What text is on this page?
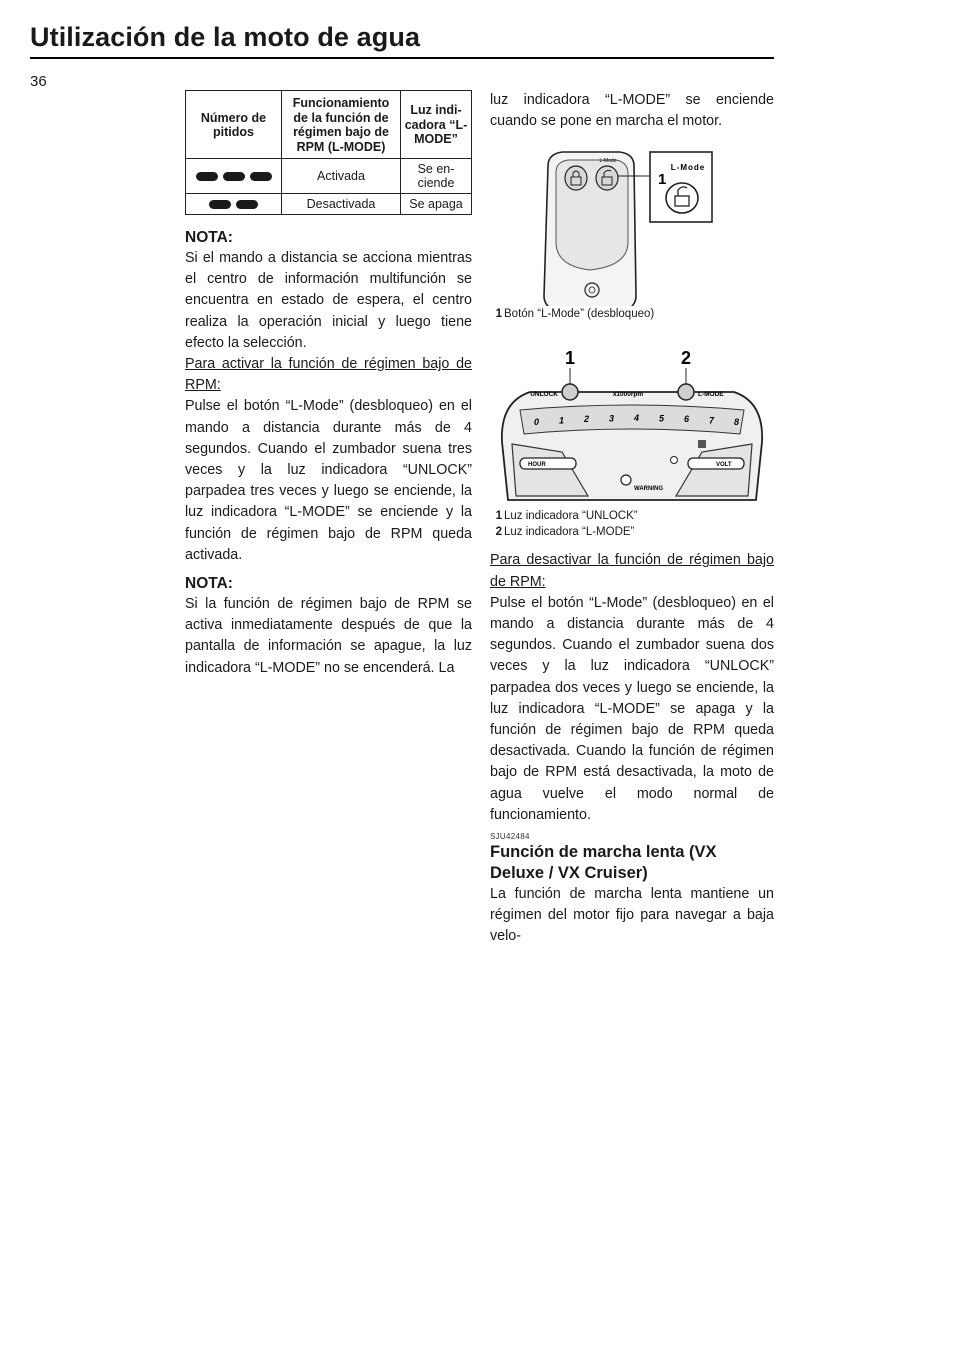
Utilización de la moto de agua
36
Número de pitidos	Funcionamiento de la función de régimen bajo de RPM (L-MODE)	Luz indi-cadora “L-MODE”

	Activada	Se en-ciende

	Desactivada	Se apaga
NOTA:

Si el mando a distancia se acciona mientras el centro de información multifunción se encuentra en estado de espera, el centro realiza la operación inicial y luego tiene efecto la selección.

Para activar la función de régimen bajo de RPM:

Pulse el botón “L-Mode” (desbloqueo) en el mando a distancia durante más de 4 segundos. Cuando el zumbador suena tres veces y la luz indicadora “UNLOCK” parpadea tres veces y luego se enciende, la luz indicadora “L-MODE” se enciende y la función de régimen bajo de RPM queda activada.

NOTA:

Si la función de régimen bajo de RPM se activa inmediatamente después de que la pantalla de información se apague, la luz indicadora “L-MODE” no se encenderá. La

luz indicadora “L-MODE” se enciende cuando se pone en marcha el motor.

L-Mode
1
L-Mode
1 Botón “L-Mode” (desbloqueo)
1	2
UNLOCK	x1000rpm	L-MODE
0 1 2 3 4 5 6 7 8
HOUR	VOLT
WARNING
1 Luz indicadora “UNLOCK”
2 Luz indicadora “L-MODE”

Para desactivar la función de régimen bajo de RPM:

Pulse el botón “L-Mode” (desbloqueo) en el mando a distancia durante más de 4 segundos. Cuando el zumbador suena dos veces y la luz indicadora “UNLOCK” parpadea dos veces y luego se enciende, la luz indicadora “L-MODE” se apaga y la función de régimen bajo de RPM queda desactivada. Cuando la función de régimen bajo de RPM está desactivada, la moto de agua vuelve el modo normal de funcionamiento.

SJU42484
Función de marcha lenta (VX Deluxe / VX Cruiser)

La función de marcha lenta mantiene un régimen del motor fijo para navegar a baja velo-
